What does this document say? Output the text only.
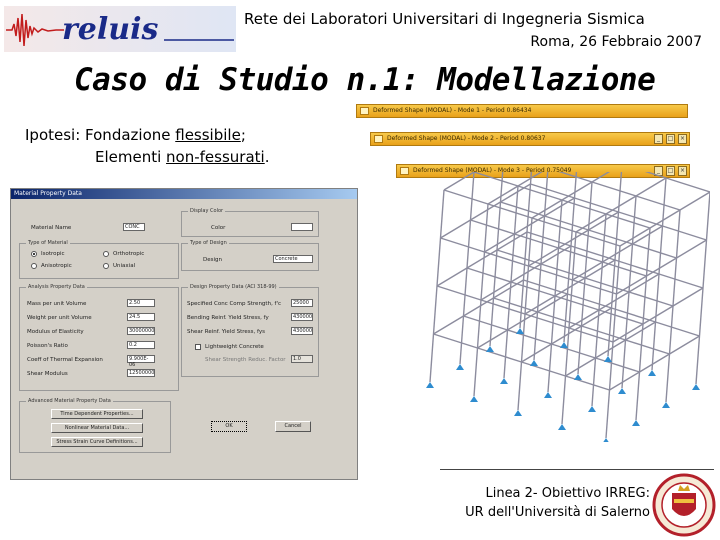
reluis	Rete dei Laboratori Universitari di Ingegneria Sismica
Roma, 26 Febbraio 2007
Caso di Studio n.1: Modellazione
Ipotesi: Fondazione flessibile;
Elementi non-fessurati.
Material Property Data
Material Name	CONC
Display Color
Color
Type of Material
Isotropic	Orthotropic
Anisotropic	Uniaxial
Type of Design
Design	Concrete
Analysis Property Data
Mass per unit Volume	2.50
Weight per unit Volume	24.5
Modulus of Elasticity	30000000
Poisson's Ratio	0.2
Coeff of Thermal Expansion	9.900E-06
Shear Modulus	12500000
Design Property Data (ACI 318-99)
Specified Conc Comp Strength, f'c	25000
Bending Reinf. Yield Stress, fy	430000
Shear Reinf. Yield Stress, fys	430000
Lightweight Concrete
Shear Strength Reduc. Factor	1.0
Advanced Material Property Data
Time Dependent Properties...
Nonlinear Material Data...
Stress Strain Curve Definitions...
OK	Cancel
Deformed Shape (MODAL) - Mode 1 - Period 0.86434
Deformed Shape (MODAL) - Mode 2 - Period 0.80637	_	□	×
Deformed Shape (MODAL) - Mode 3 - Period 0.75049	_	□	×
Linea 2- Obiettivo IRREG:
UR dell'Università di Salerno
